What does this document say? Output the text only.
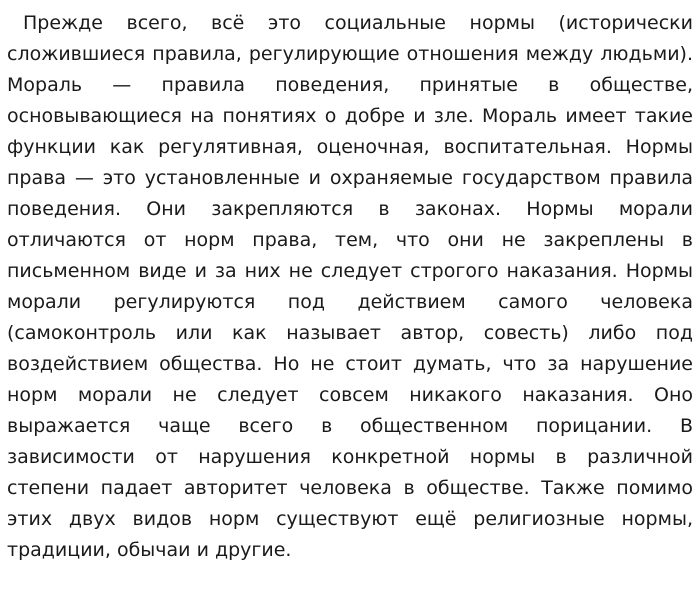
Прежде всего, всё это социальные нормы (исторически сложившиеся правила, регулирующие отношения между людьми). Мораль — правила поведения, принятые в обществе, основывающиеся на понятиях о добре и зле. Мораль имеет такие функции как регулятивная, оценочная, воспитательная. Нормы права — это установленные и охраняемые государством правила поведения. Они закрепляются в законах. Нормы морали отличаются от норм права, тем, что они не закреплены в письменном виде и за них не следует строгого наказания. Нормы морали регулируются под действием самого человека (самоконтроль или как называет автор, совесть) либо под воздействием общества. Но не стоит думать, что за нарушение норм морали не следует совсем никакого наказания. Оно выражается чаще всего в общественном порицании. В зависимости от нарушения конкретной нормы в различной степени падает авторитет человека в обществе. Также помимо этих двух видов норм существуют ещё религиозные нормы, традиции, обычаи и другие.
